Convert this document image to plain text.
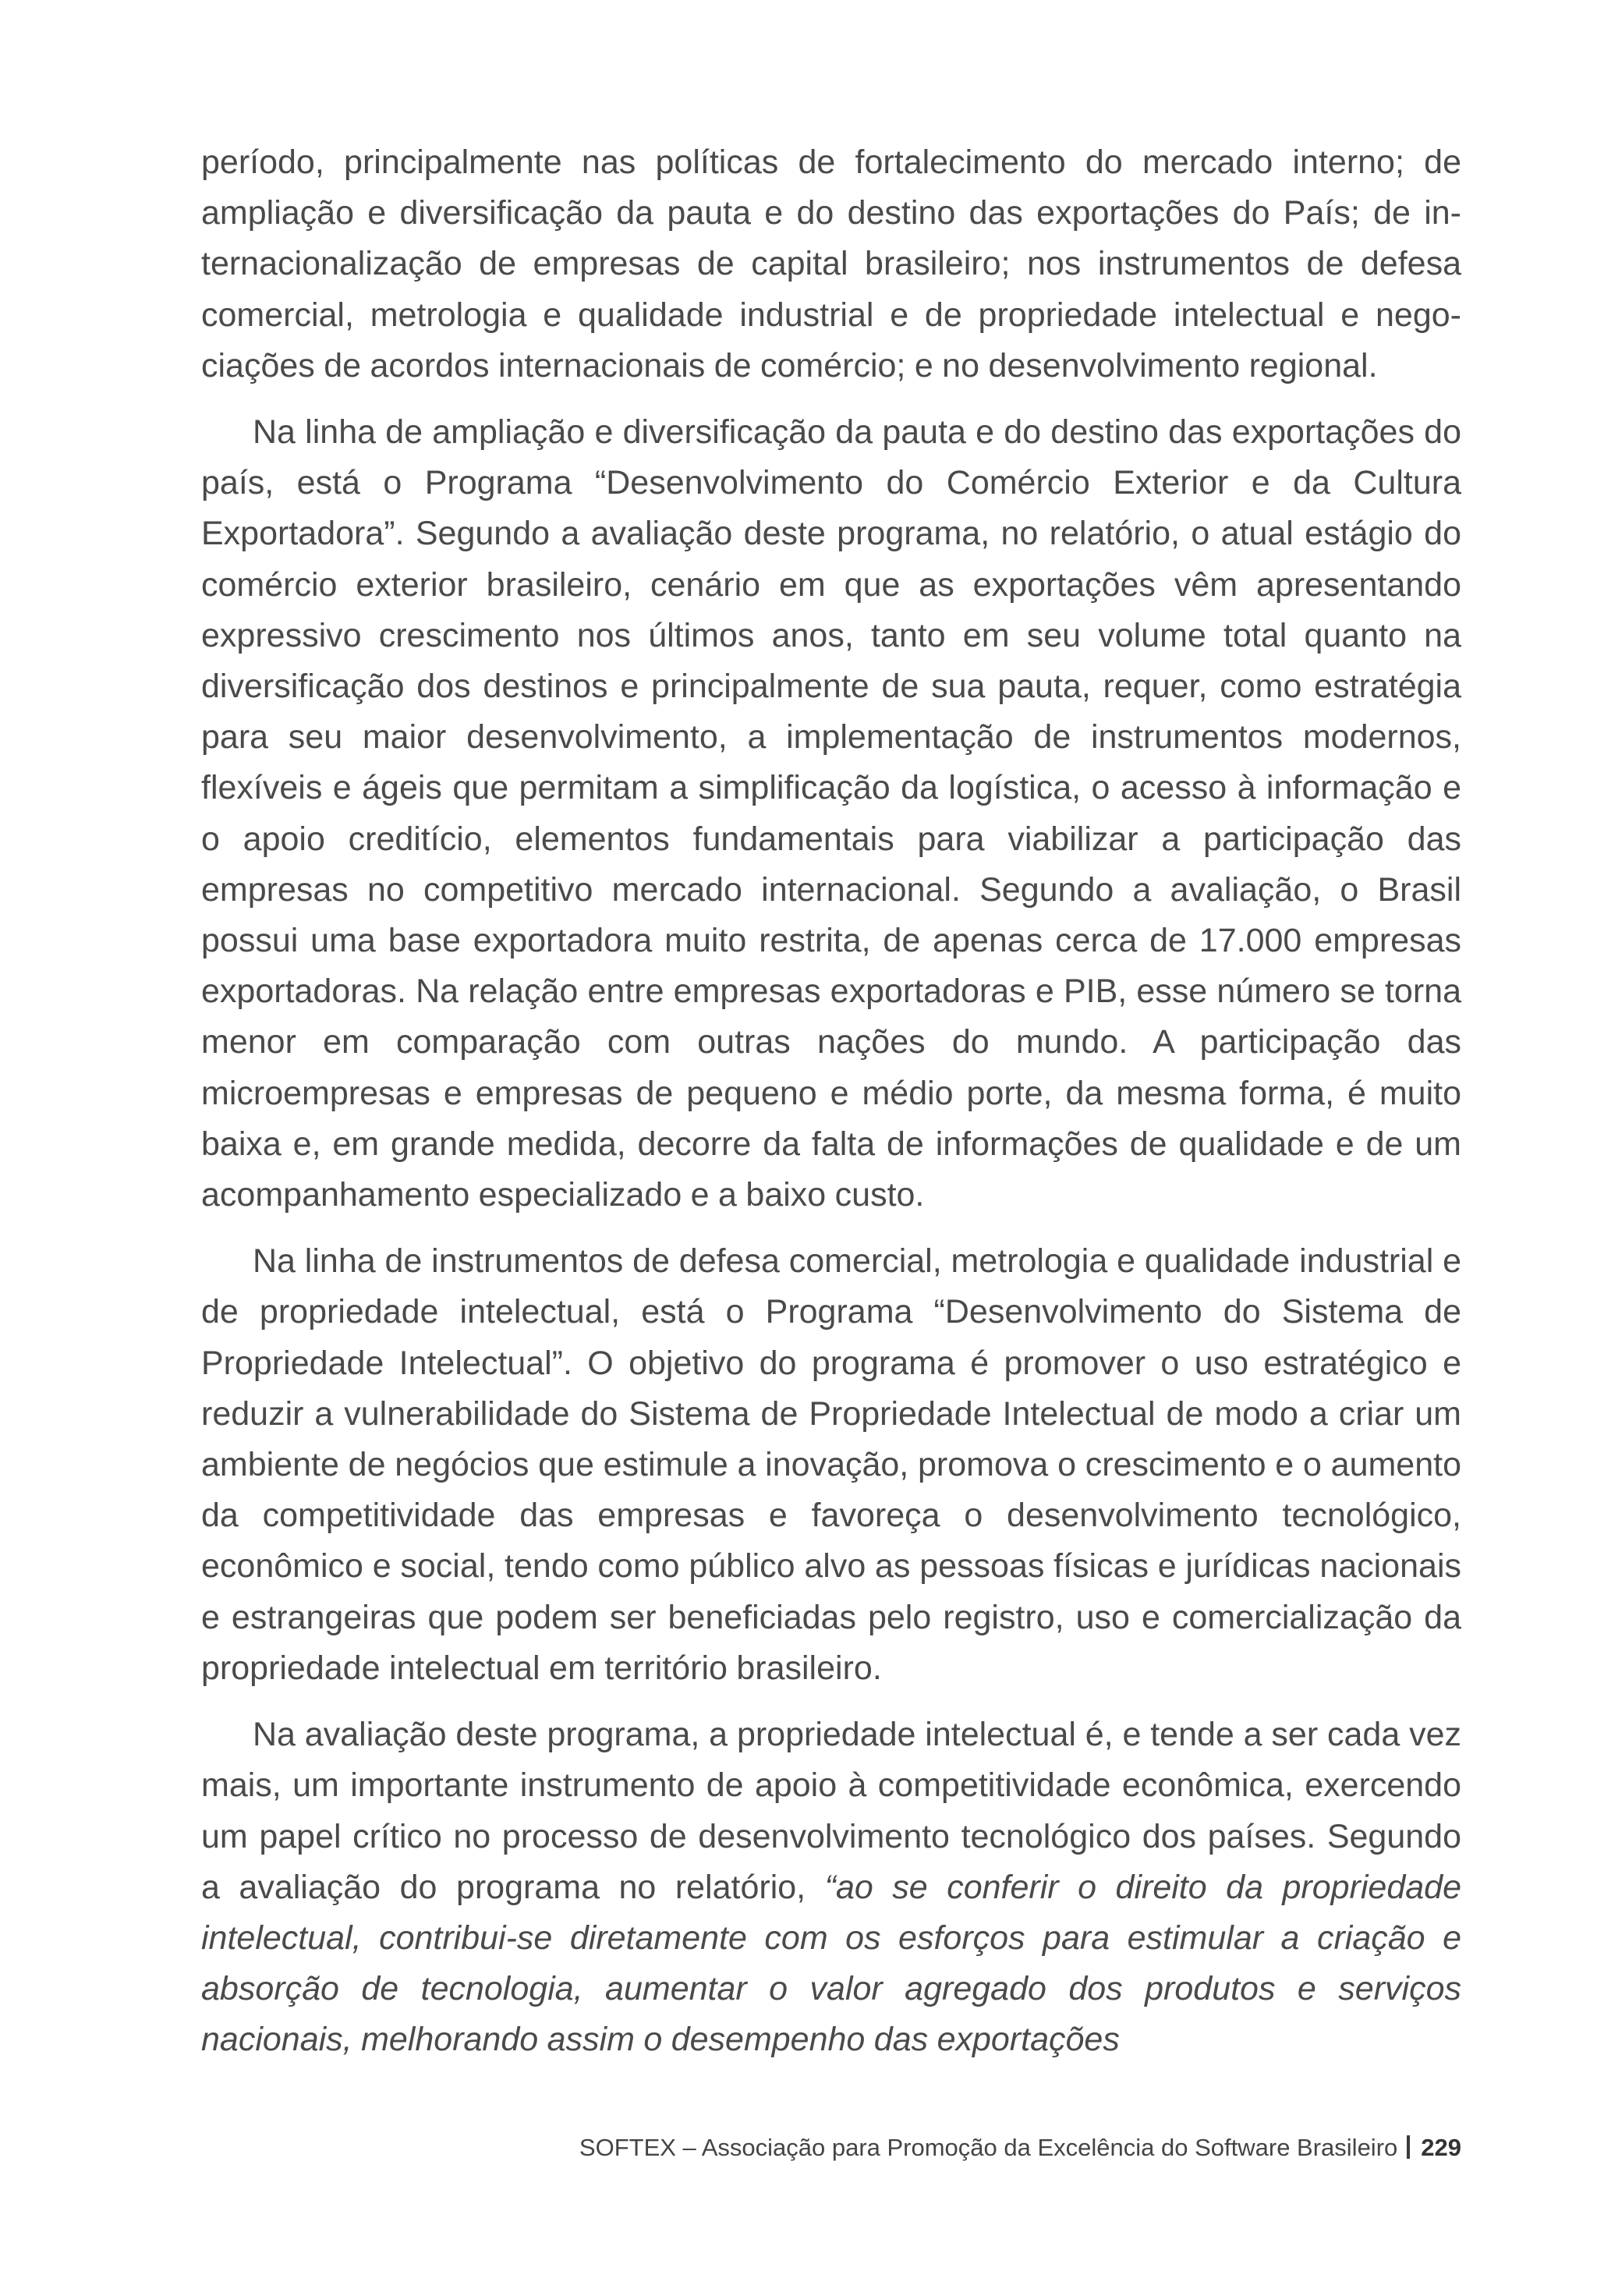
período, principalmente nas políticas de fortalecimento do mercado interno; de ampliação e diversificação da pauta e do destino das exportações do País; de internacionalização de empresas de capital brasileiro; nos instrumentos de defesa comercial, metrologia e qualidade industrial e de propriedade intelectual e negociações de acordos internacionais de comércio; e no desenvolvimento regional.

Na linha de ampliação e diversificação da pauta e do destino das exportações do país, está o Programa “Desenvolvimento do Comércio Exterior e da Cultura Exportadora”. Segundo a avaliação deste programa, no relatório, o atual estágio do comércio exterior brasileiro, cenário em que as exportações vêm apresentando expressivo crescimento nos últimos anos, tanto em seu volume total quanto na diversificação dos destinos e principalmente de sua pauta, requer, como estratégia para seu maior desenvolvimento, a implementação de instrumentos modernos, flexíveis e ágeis que permitam a simplificação da logística, o acesso à informação e o apoio creditício, elementos fundamentais para viabilizar a participação das empresas no competitivo mercado internacional. Segundo a avaliação, o Brasil possui uma base exportadora muito restrita, de apenas cerca de 17.000 empresas exportadoras. Na relação entre empresas exportadoras e PIB, esse número se torna menor em comparação com outras nações do mundo. A participação das microempresas e empresas de pequeno e médio porte, da mesma forma, é muito baixa e, em grande medida, decorre da falta de informações de qualidade e de um acompanhamento especializado e a baixo custo.

Na linha de instrumentos de defesa comercial, metrologia e qualidade industrial e de propriedade intelectual, está o Programa “Desenvolvimento do Sistema de Propriedade Intelectual”. O objetivo do programa é promover o uso estratégico e reduzir a vulnerabilidade do Sistema de Propriedade Intelectual de modo a criar um ambiente de negócios que estimule a inovação, promova o crescimento e o aumento da competitividade das empresas e favoreça o desenvolvimento tecnológico, econômico e social, tendo como público alvo as pessoas físicas e jurídicas nacionais e estrangeiras que podem ser beneficiadas pelo registro, uso e comercialização da propriedade intelectual em território brasileiro.

Na avaliação deste programa, a propriedade intelectual é, e tende a ser cada vez mais, um importante instrumento de apoio à competitividade econômica, exercendo um papel crítico no processo de desenvolvimento tecnológico dos países. Segundo a avaliação do programa no relatório, “ao se conferir o direito da propriedade intelectual, contribui-se diretamente com os esforços para estimular a criação e absorção de tecnologia, aumentar o valor agregado dos produtos e serviços nacionais, melhorando assim o desempenho das exportações

SOFTEX – Associação para Promoção da Excelência do Software Brasileiro 229
